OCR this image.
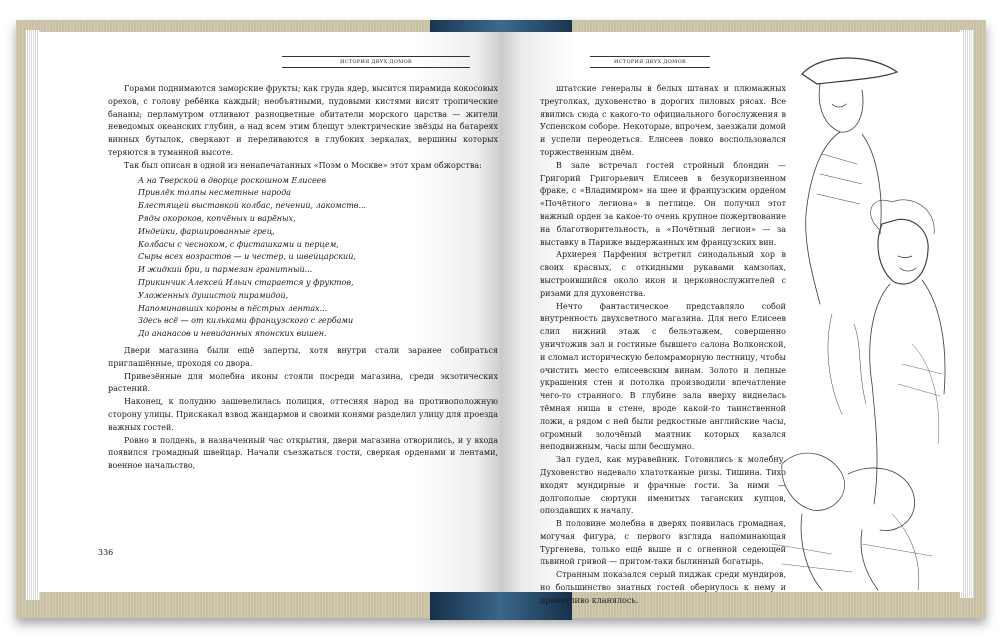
ИСТОРИЯ ДВУХ ДОМОВ

Горами поднимаются заморские фрукты; как груда ядер, высится пирамида кокосовых орехов, с голову ребёнка каждый; необъятными, пудовыми кистями висят тропические бананы; перламутром отливают разноцветные обитатели морского царства — жители неведомых океанских глубин, а над всем этим блещут электрические звёзды на батареях винных бутылок, сверкают и переливаются в глубоких зеркалах, вершины которых теряются в туманной высоте.

Так был описан в одной из ненапечатанных «Поэм о Москве» этот храм обжорства:

А на Тверской в дворце роскошном Елисеев
Привлёк толпы несметные народа
Блестящей выставкой колбас, печений, лакомств...
Ряды окороков, копчёных и варёных,
Индейки, фаршированные грец,
Колбасы с чесноком, с фисташками и перцем,
Сыры всех возрастов — и честер, и швейцарский,
И жидкий бри, и пармезан гранитный...
Прикинчик Алексей Ильич старается у фруктов,
Уложенных душистой пирамидой,
Напоминавших короны в пёстрых лентах...
Здесь всё — от кильками французского с гербами
До ананасов и невиданных японских вишен.

Двери магазина были ещё заперты, хотя внутри стали заранее собираться приглашённые, проходя со двора.

Привезённые для молебна иконы стояли посреди магазина, среди экзотических растений.

Наконец, к полудню зашевелилась полиция, оттесняя народ на противоположную сторону улицы. Прискакал взвод жандармов и своими конями разделил улицу для проезда важных гостей.

Ровно в полдень, в назначенный час открытия, двери магазина отворились, и у входа появился громадный швейцар. Начали съезжаться гости, сверкая орденами и лентами, военное начальство,

336
ИСТОРИЯ ДВУХ ДОМОВ

штатские генералы в белых штанах и плюмажных треуголках, духовенство в дорогих лиловых рясах. Все явились сюда с какого-то официального богослужения в Успенском соборе. Некоторые, впрочем, заезжали домой и успели переодеться. Елисеев ловко воспользовался торжественным днём.

В зале встречал гостей стройный блондин — Григорий Григорьевич Елисеев в безукоризненном фраке, с «Владимиром» на шее и французским орденом «Почётного легиона» в петлице. Он получил этот важный орден за какое-то очень крупное пожертвование на благотворительность, а «Почётный легион» — за выставку в Париже выдержанных им французских вин.

Архиерея Парфения встретил синодальный хор в своих красных, с откидными рукавами камзолах, выстроившийся около икон и церковнослужителей с ризами для духовенства.

Нечто фантастическое представляло собой внутренность двухсветного магазина. Для него Елисеев слил нижний этаж с бельэтажем, совершенно уничтожив зал и гостиные бывшего салона Волконской, и сломал историческую беломраморную лестницу, чтобы очистить место елисеевским винам. Золото и лепные украшения стен и потолка производили впечатление чего-то странного. В глубине зала вверху виднелась тёмная ниша в стене, вроде какой-то таинственной ложи, а рядом с ней были редкостные английские часы, огромный золочёный маятник которых казался неподвижным, часы шли бесшумно.

Зал гудел, как муравейник. Готовились к молебну. Духовенство надевало хлатотканые ризы. Тишина. Тихо входят мундирные и фрачные гости. За ними — долгополые сюртуки именитых таганских купцов, опоздавших к началу.

В половине молебна в дверях появилась громадная, могучая фигура, с первого взгляда напоминающая Тургенева, только ещё выше и с огненной седеющей львиной гривой — притом-таки былинный богатырь.

Странным показался серый пиджак среди мундиров, но большинство знатных гостей обернулось к нему и приветливо кланялось.
